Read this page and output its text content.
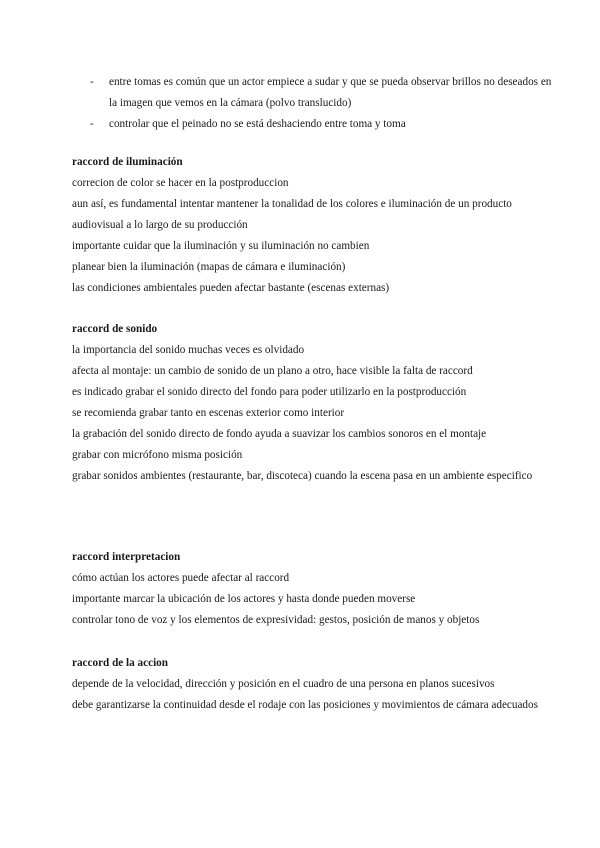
- entre tomas es común que un actor empiece a sudar y que se pueda observar brillos no deseados en la imagen que vemos en la cámara (polvo translucido)
- controlar que el peinado no se está deshaciendo entre toma y toma

raccord de iluminación

correcion de color se hacer en la postproduccion

aun así, es fundamental intentar mantener la tonalidad de los colores e iluminación de un producto audiovisual a lo largo de su producción

importante cuidar que la iluminación y su iluminación no cambien

planear bien la iluminación (mapas de cámara e iluminación)

las condiciones ambientales pueden afectar bastante (escenas externas)

raccord de sonido

la importancia del sonido muchas veces es olvidado

afecta al montaje: un cambio de sonido de un plano a otro, hace visible la falta de raccord

es indicado grabar el sonido directo del fondo para poder utilizarlo en la postproducción

se recomienda grabar tanto en escenas exterior como interior

la grabación del sonido directo de fondo ayuda a suavizar los cambios sonoros en el montaje

grabar con micrófono misma posición

grabar sonidos ambientes (restaurante, bar, discoteca) cuando la escena pasa en un ambiente especifico

raccord interpretacion

cómo actúan los actores puede afectar al raccord

importante marcar la ubicación de los actores y hasta donde pueden moverse

controlar tono de voz y los elementos de expresividad: gestos, posición de manos y objetos

raccord de la accion

depende de la velocidad, dirección y posición en el cuadro de una persona en planos sucesivos

debe garantizarse la continuidad desde el rodaje con las posiciones y movimientos de cámara adecuados
